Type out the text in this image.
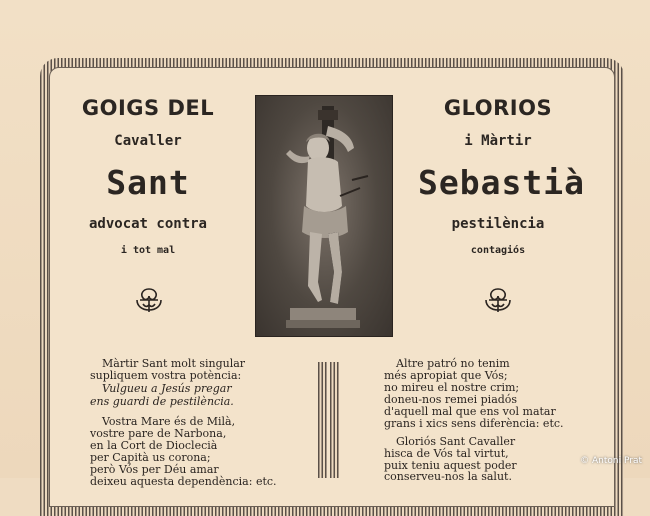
GOIGS DEL
Cavaller
Sant
advocat contra
i tot mal
GLORIOS
i Màrtir
Sebastià
pestilència
contagiós
Màrtir Sant molt singular
supliquem vostra potència:
Vulgueu a Jesús pregar
ens guardi de pestilència.
Vostra Mare és de Milà,
vostre pare de Narbona,
en la Cort de Dioclecià
per Capità us corona;
però Vós per Déu amar
deixeu aquesta dependència: etc.
Altre patró no tenim
més apropiat que Vós;
no mireu el nostre crim;
doneu-nos remei piadós
d'aquell mal que ens vol matar
grans i xics sens diferència: etc.
Gloriós Sant Cavaller
hisca de Vós tal virtut,
puix teniu aquest poder
conserveu-nos la salut.
© Antoni Prat
